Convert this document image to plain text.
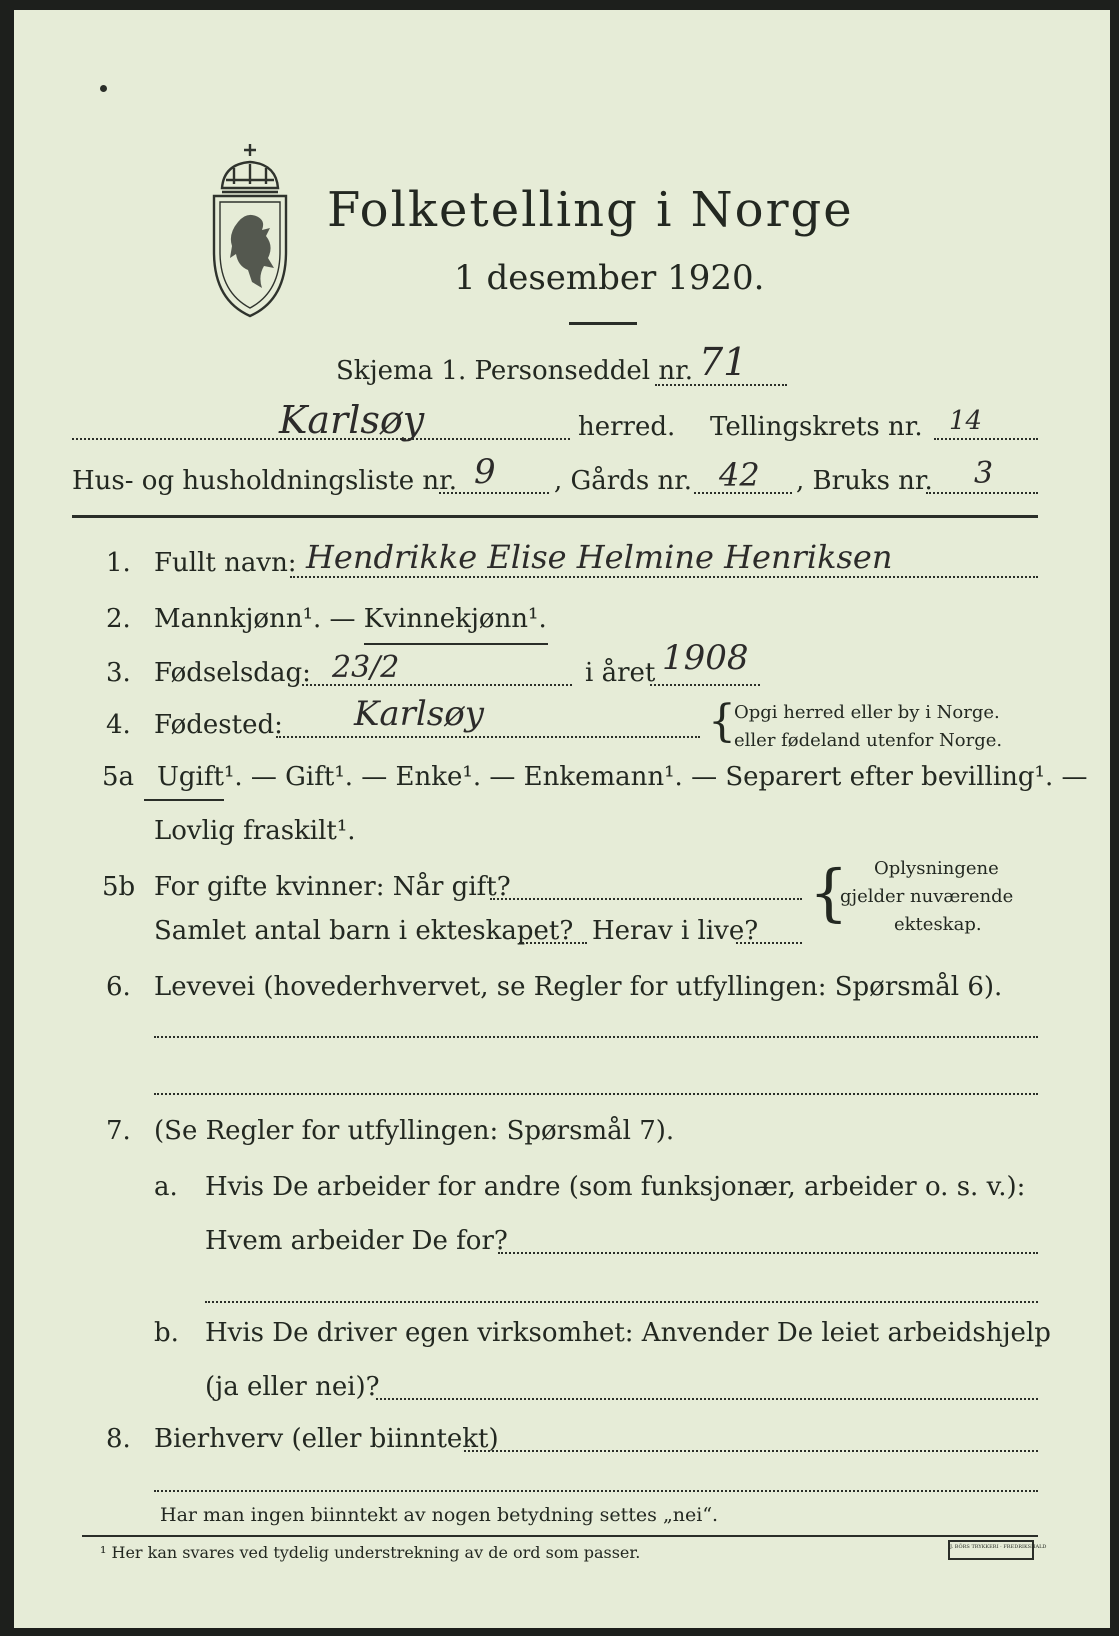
Folketelling i Norge
1 desember 1920.
Skjema 1. Personseddel nr. 71
Karlsøy	herred. Tellingskrets nr. 14
Hus- og husholdningsliste nr. 9 , Gårds nr. 42 , Bruks nr. 3
1. Fullt navn: Hendrikke Elise Helmine Henriksen
2. Mannkjønn¹. — Kvinnekjønn¹.
3. Fødselsdag: 23/2	i året 1908
4. Fødested: Karlsøy	{
Opgi herred eller by i Norge.
eller fødeland utenfor Norge.
5a Ugift¹. — Gift¹. — Enke¹. — Enkemann¹. — Separert efter bevilling¹. —
Lovlig fraskilt¹.
5b For gifte kvinner: Når gift?
Samlet antal barn i ekteskapet? Herav i live?
{ Oplysningene
gjelder nuværende
ekteskap.
6. Levevei (hovederhvervet, se Regler for utfyllingen: Spørsmål 6).
7. (Se Regler for utfyllingen: Spørsmål 7).
a. Hvis De arbeider for andre (som funksjonær, arbeider o. s. v.):
Hvem arbeider De for?
b. Hvis De driver egen virksomhet: Anvender De leiet arbeidshjelp
(ja eller nei)?
8. Bierhverv (eller biinntekt)
Har man ingen biinntekt av nogen betydning settes „nei“.
¹ Her kan svares ved tydelig understrekning av de ord som passer.	J. BÖRS TRYKKERI · FREDRIKSHALD
